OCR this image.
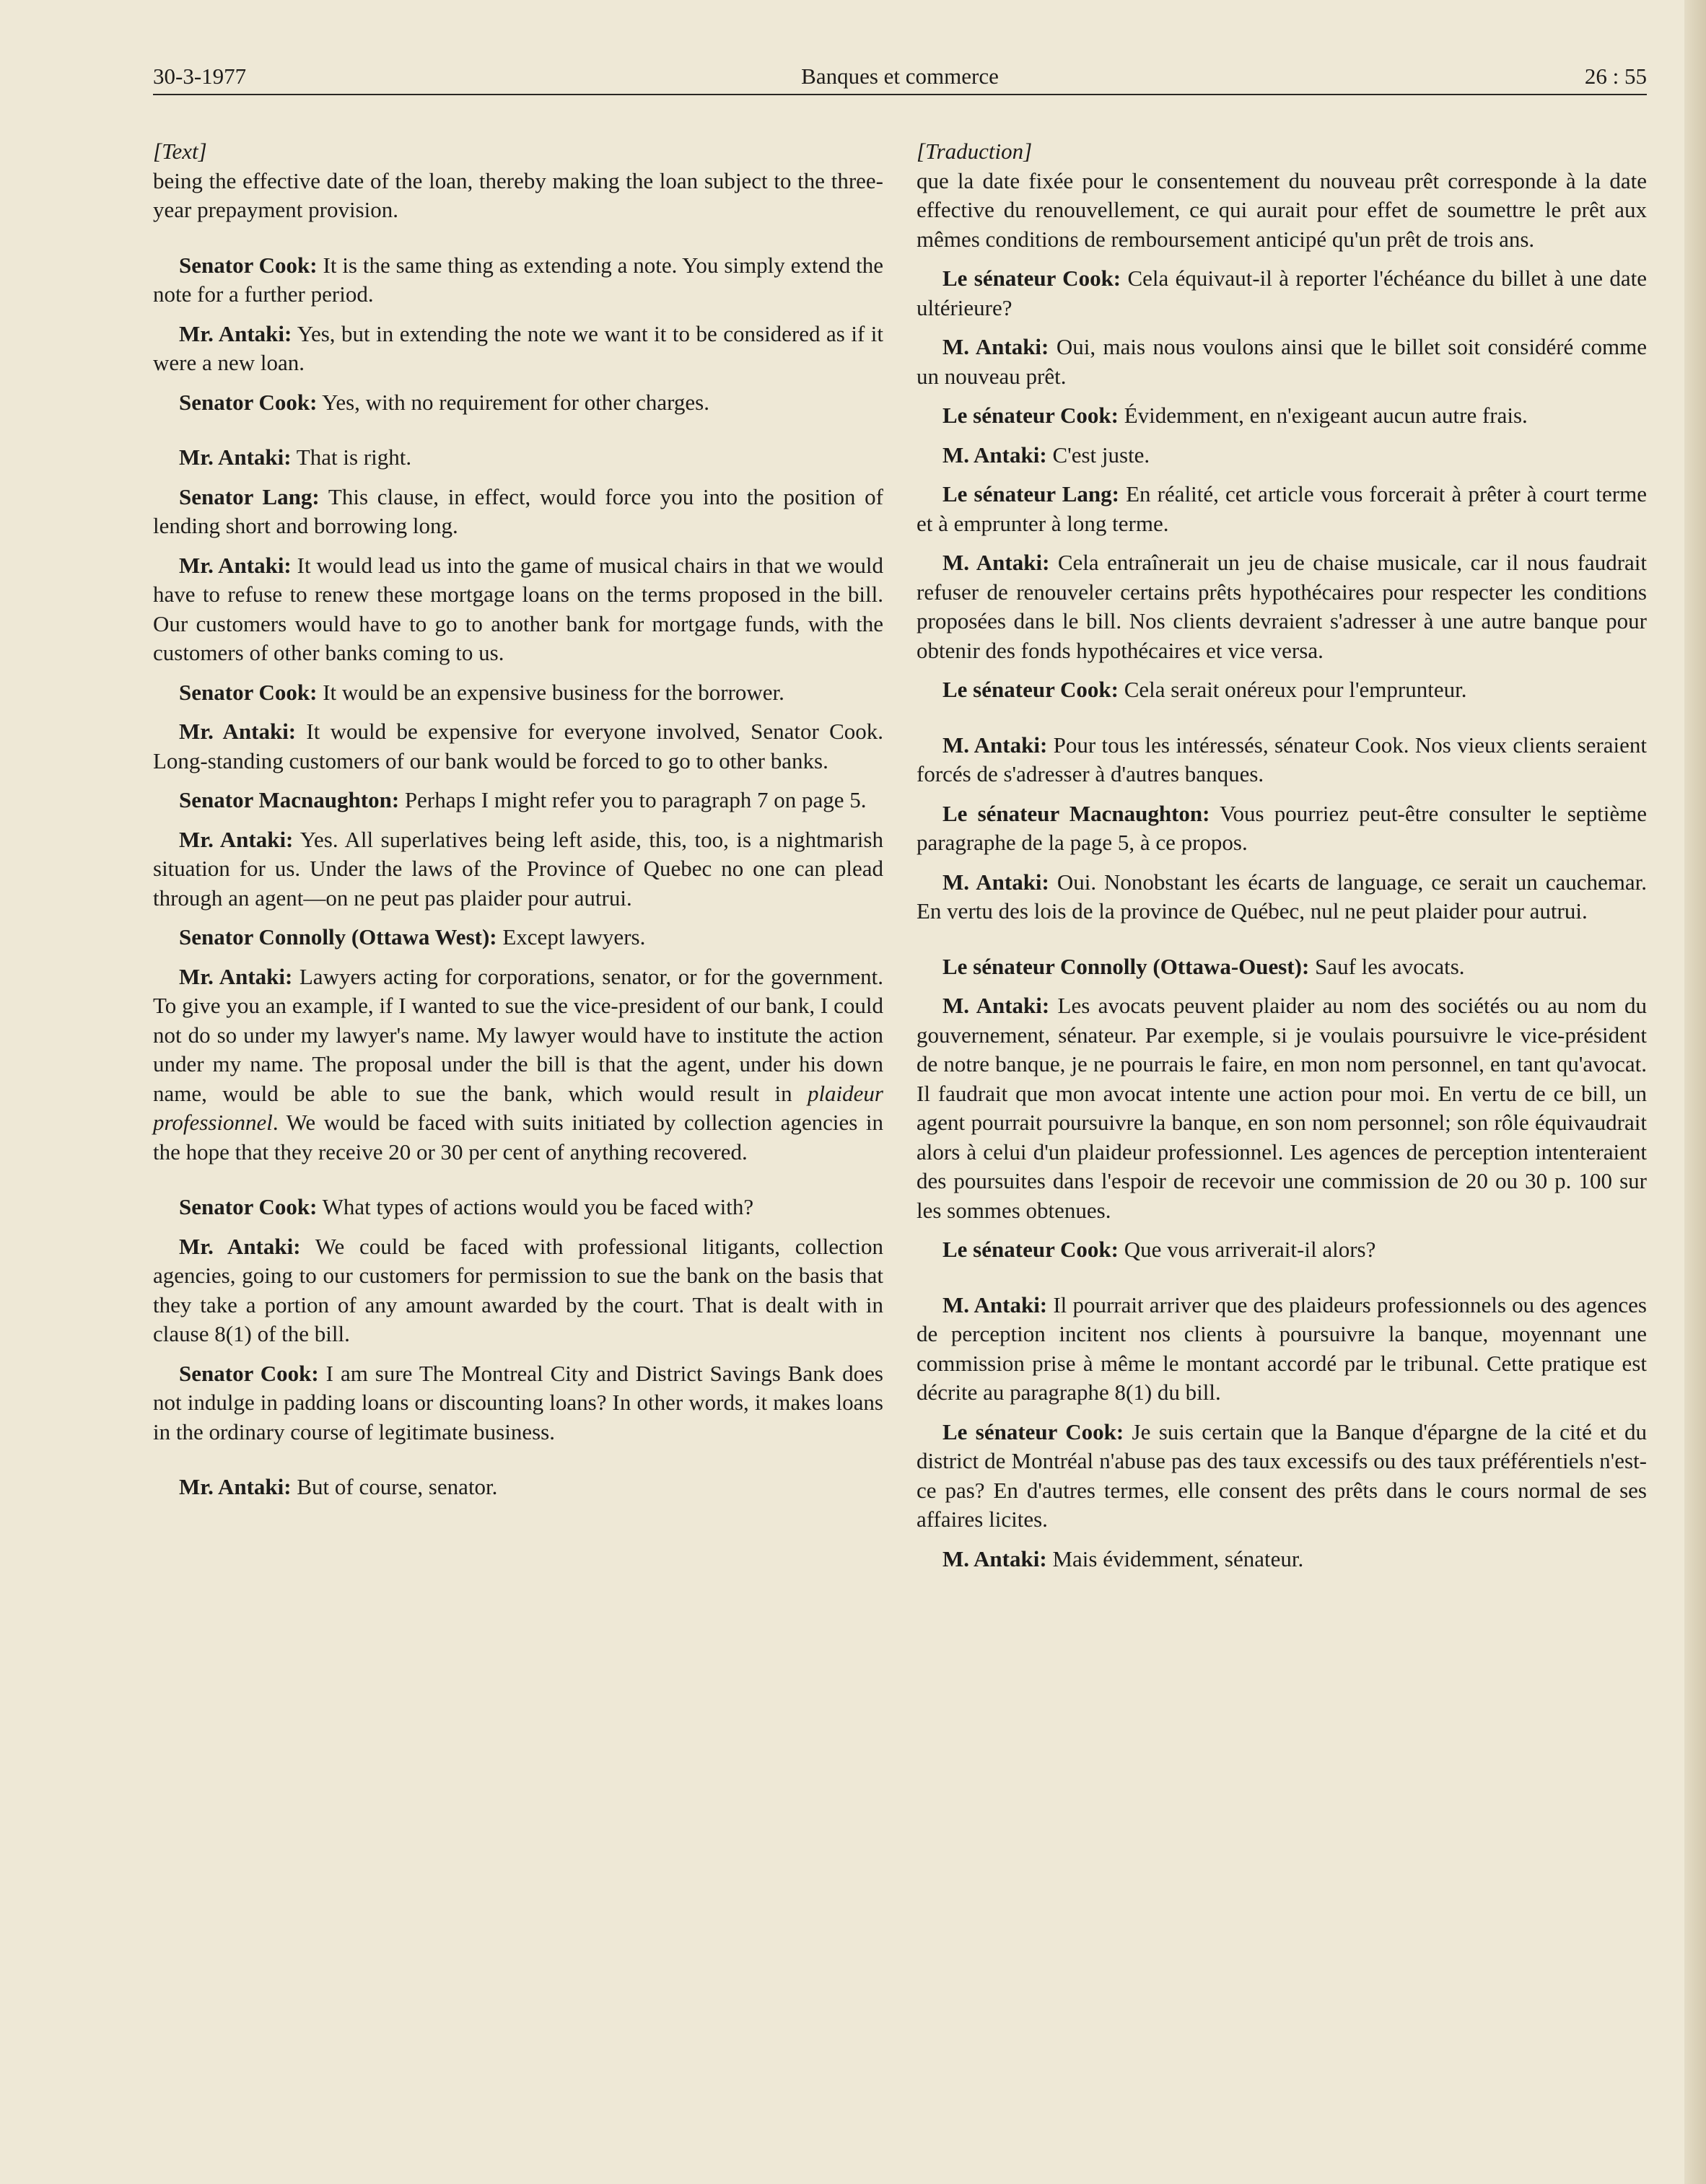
30-3-1977	Banques et commerce	26 : 55
[Text]

being the effective date of the loan, thereby making the loan subject to the three-year prepayment provision.

Senator Cook: It is the same thing as extending a note. You simply extend the note for a further period.

Mr. Antaki: Yes, but in extending the note we want it to be considered as if it were a new loan.

Senator Cook: Yes, with no requirement for other charges.

Mr. Antaki: That is right.

Senator Lang: This clause, in effect, would force you into the position of lending short and borrowing long.

Mr. Antaki: It would lead us into the game of musical chairs in that we would have to refuse to renew these mortgage loans on the terms proposed in the bill. Our customers would have to go to another bank for mortgage funds, with the customers of other banks coming to us.

Senator Cook: It would be an expensive business for the borrower.

Mr. Antaki: It would be expensive for everyone involved, Senator Cook. Long-standing customers of our bank would be forced to go to other banks.

Senator Macnaughton: Perhaps I might refer you to paragraph 7 on page 5.

Mr. Antaki: Yes. All superlatives being left aside, this, too, is a nightmarish situation for us. Under the laws of the Province of Quebec no one can plead through an agent—on ne peut pas plaider pour autrui.

Senator Connolly (Ottawa West): Except lawyers.

Mr. Antaki: Lawyers acting for corporations, senator, or for the government. To give you an example, if I wanted to sue the vice-president of our bank, I could not do so under my lawyer's name. My lawyer would have to institute the action under my name. The proposal under the bill is that the agent, under his down name, would be able to sue the bank, which would result in plaideur professionnel. We would be faced with suits initiated by collection agencies in the hope that they receive 20 or 30 per cent of anything recovered.

Senator Cook: What types of actions would you be faced with?

Mr. Antaki: We could be faced with professional litigants, collection agencies, going to our customers for permission to sue the bank on the basis that they take a portion of any amount awarded by the court. That is dealt with in clause 8(1) of the bill.

Senator Cook: I am sure The Montreal City and District Savings Bank does not indulge in padding loans or discounting loans? In other words, it makes loans in the ordinary course of legitimate business.

Mr. Antaki: But of course, senator.

[Traduction]

que la date fixée pour le consentement du nouveau prêt corresponde à la date effective du renouvellement, ce qui aurait pour effet de soumettre le prêt aux mêmes conditions de remboursement anticipé qu'un prêt de trois ans.

Le sénateur Cook: Cela équivaut-il à reporter l'échéance du billet à une date ultérieure?

M. Antaki: Oui, mais nous voulons ainsi que le billet soit considéré comme un nouveau prêt.

Le sénateur Cook: Évidemment, en n'exigeant aucun autre frais.

M. Antaki: C'est juste.

Le sénateur Lang: En réalité, cet article vous forcerait à prêter à court terme et à emprunter à long terme.

M. Antaki: Cela entraînerait un jeu de chaise musicale, car il nous faudrait refuser de renouveler certains prêts hypothécaires pour respecter les conditions proposées dans le bill. Nos clients devraient s'adresser à une autre banque pour obtenir des fonds hypothécaires et vice versa.

Le sénateur Cook: Cela serait onéreux pour l'emprunteur.

M. Antaki: Pour tous les intéressés, sénateur Cook. Nos vieux clients seraient forcés de s'adresser à d'autres banques.

Le sénateur Macnaughton: Vous pourriez peut-être consulter le septième paragraphe de la page 5, à ce propos.

M. Antaki: Oui. Nonobstant les écarts de language, ce serait un cauchemar. En vertu des lois de la province de Québec, nul ne peut plaider pour autrui.

Le sénateur Connolly (Ottawa-Ouest): Sauf les avocats.

M. Antaki: Les avocats peuvent plaider au nom des sociétés ou au nom du gouvernement, sénateur. Par exemple, si je voulais poursuivre le vice-président de notre banque, je ne pourrais le faire, en mon nom personnel, en tant qu'avocat. Il faudrait que mon avocat intente une action pour moi. En vertu de ce bill, un agent pourrait poursuivre la banque, en son nom personnel; son rôle équivaudrait alors à celui d'un plaideur professionnel. Les agences de perception intenteraient des poursuites dans l'espoir de recevoir une commission de 20 ou 30 p. 100 sur les sommes obtenues.

Le sénateur Cook: Que vous arriverait-il alors?

M. Antaki: Il pourrait arriver que des plaideurs professionnels ou des agences de perception incitent nos clients à poursuivre la banque, moyennant une commission prise à même le montant accordé par le tribunal. Cette pratique est décrite au paragraphe 8(1) du bill.

Le sénateur Cook: Je suis certain que la Banque d'épargne de la cité et du district de Montréal n'abuse pas des taux excessifs ou des taux préférentiels n'est-ce pas? En d'autres termes, elle consent des prêts dans le cours normal de ses affaires licites.

M. Antaki: Mais évidemment, sénateur.
